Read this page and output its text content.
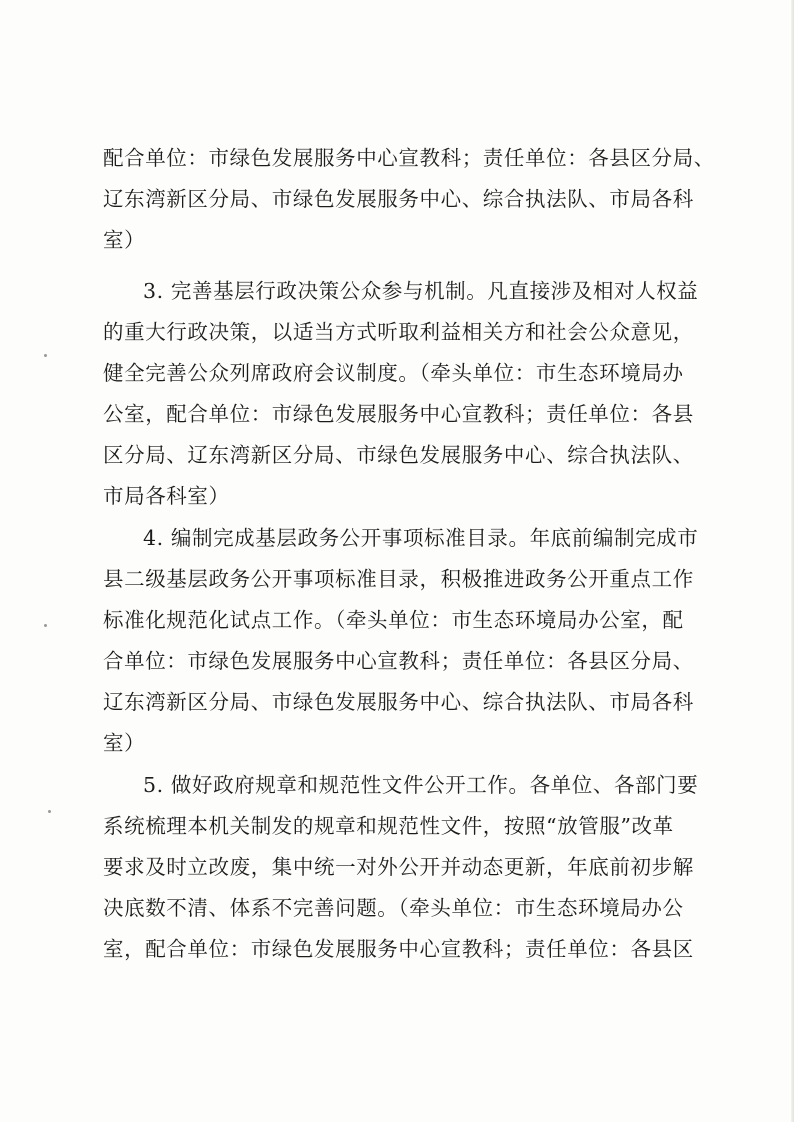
配合单位：市绿色发展服务中心宣教科；责任单位：各县区分局、
辽东湾新区分局、市绿色发展服务中心、综合执法队、市局各科
室）
3. 完善基层行政决策公众参与机制。凡直接涉及相对人权益
的重大行政决策，以适当方式听取利益相关方和社会公众意见，
健全完善公众列席政府会议制度。（牵头单位：市生态环境局办
公室，配合单位：市绿色发展服务中心宣教科；责任单位：各县
区分局、辽东湾新区分局、市绿色发展服务中心、综合执法队、
市局各科室）
4. 编制完成基层政务公开事项标准目录。年底前编制完成市
县二级基层政务公开事项标准目录，积极推进政务公开重点工作
标准化规范化试点工作。（牵头单位：市生态环境局办公室，配
合单位：市绿色发展服务中心宣教科；责任单位：各县区分局、
辽东湾新区分局、市绿色发展服务中心、综合执法队、市局各科
室）
5. 做好政府规章和规范性文件公开工作。各单位、各部门要
系统梳理本机关制发的规章和规范性文件，按照“放管服”改革
要求及时立改废，集中统一对外公开并动态更新，年底前初步解
决底数不清、体系不完善问题。（牵头单位：市生态环境局办公
室，配合单位：市绿色发展服务中心宣教科；责任单位：各县区
